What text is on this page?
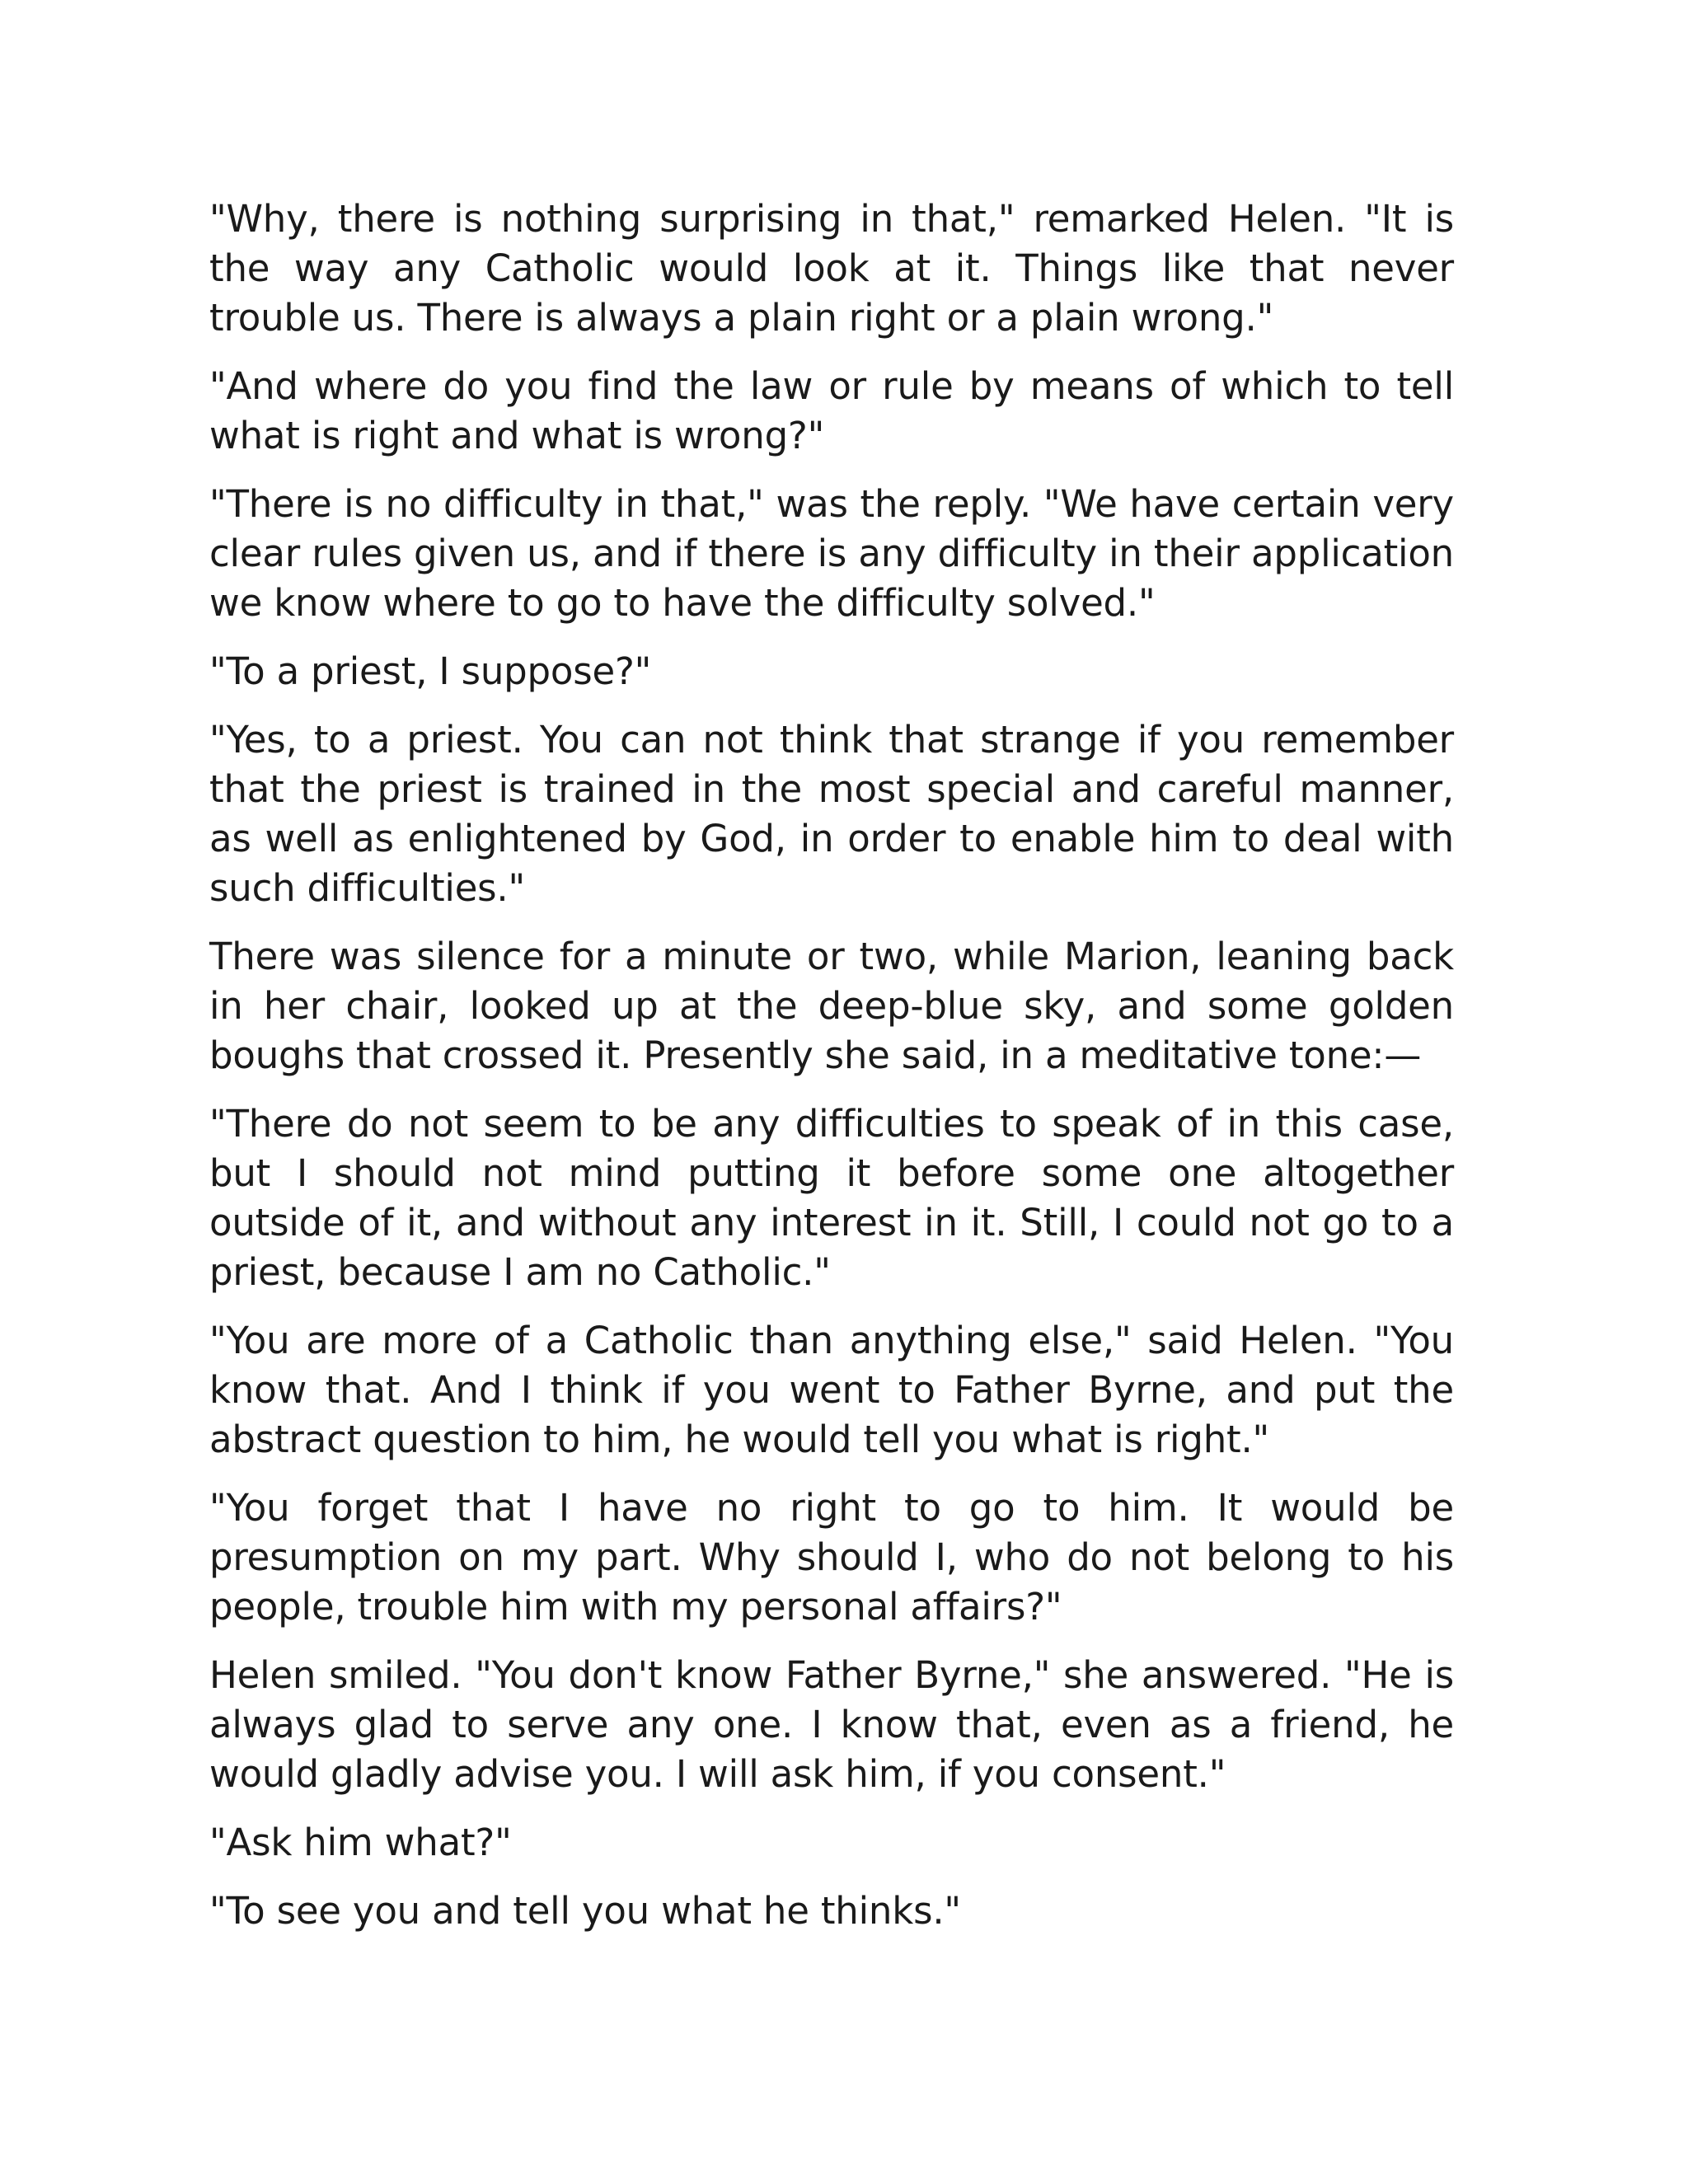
"Why, there is nothing surprising in that," remarked Helen. "It is the way any Catholic would look at it. Things like that never trouble us. There is always a plain right or a plain wrong."

"And where do you find the law or rule by means of which to tell what is right and what is wrong?"

"There is no difficulty in that," was the reply. "We have certain very clear rules given us, and if there is any difficulty in their application we know where to go to have the difficulty solved."

"To a priest, I suppose?"

"Yes, to a priest. You can not think that strange if you remember that the priest is trained in the most special and careful manner, as well as enlightened by God, in order to enable him to deal with such difficulties."

There was silence for a minute or two, while Marion, leaning back in her chair, looked up at the deep-blue sky, and some golden boughs that crossed it. Presently she said, in a meditative tone:—

"There do not seem to be any difficulties to speak of in this case, but I should not mind putting it before some one altogether outside of it, and without any interest in it. Still, I could not go to a priest, because I am no Catholic."

"You are more of a Catholic than anything else," said Helen. "You know that. And I think if you went to Father Byrne, and put the abstract question to him, he would tell you what is right."

"You forget that I have no right to go to him. It would be presumption on my part. Why should I, who do not belong to his people, trouble him with my personal affairs?"

Helen smiled. "You don't know Father Byrne," she answered. "He is always glad to serve any one. I know that, even as a friend, he would gladly advise you. I will ask him, if you consent."

"Ask him what?"

"To see you and tell you what he thinks."
